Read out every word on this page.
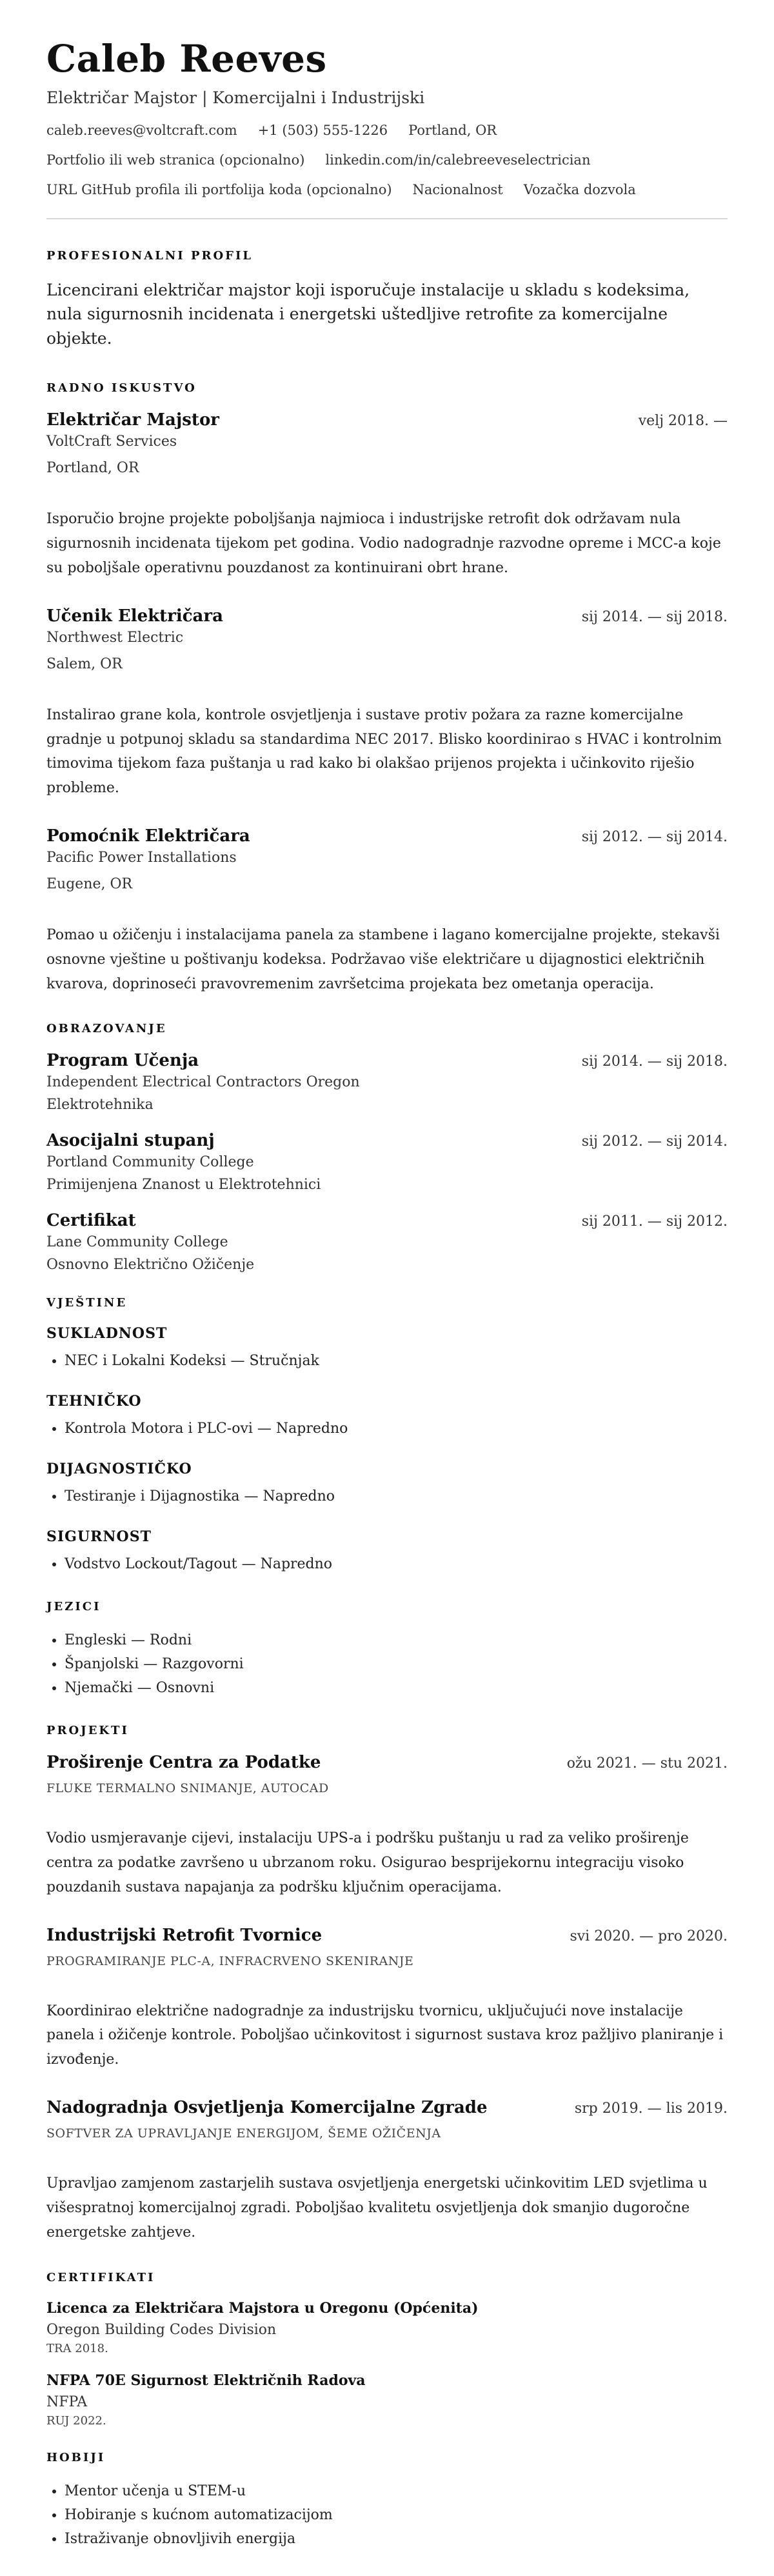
Caleb Reeves
Električar Majstor | Komercijalni i Industrijski
caleb.reeves@voltcraft.com +1 (503) 555-1226 Portland, OR
Portfolio ili web stranica (opcionalno) linkedin.com/in/calebreeveselectrician
URL GitHub profila ili portfolija koda (opcionalno) Nacionalnost Vozačka dozvola
PROFESIONALNI PROFIL
Licencirani električar majstor koji isporučuje instalacije u skladu s kodeksima, nula sigurnosnih incidenata i energetski uštedljive retrofite za komercijalne objekte.
RADNO ISKUSTVO
Električar Majstor	velj 2018. —
VoltCraft Services
Portland, OR
Isporučio brojne projekte poboljšanja najmioca i industrijske retrofit dok održavam nula sigurnosnih incidenata tijekom pet godina. Vodio nadogradnje razvodne opreme i MCC-a koje su poboljšale operativnu pouzdanost za kontinuirani obrt hrane.
Učenik Električara	sij 2014. — sij 2018.
Northwest Electric
Salem, OR
Instalirao grane kola, kontrole osvjetljenja i sustave protiv požara za razne komercijalne gradnje u potpunoj skladu sa standardima NEC 2017. Blisko koordinirao s HVAC i kontrolnim timovima tijekom faza puštanja u rad kako bi olakšao prijenos projekta i učinkovito riješio probleme.
Pomoćnik Električara	sij 2012. — sij 2014.
Pacific Power Installations
Eugene, OR
Pomao u ožičenju i instalacijama panela za stambene i lagano komercijalne projekte, stekavši osnovne vještine u poštivanju kodeksa. Podržavao više električare u dijagnostici električnih kvarova, doprinoseći pravovremenim završetcima projekata bez ometanja operacija.
OBRAZOVANJE
Program Učenja	sij 2014. — sij 2018.
Independent Electrical Contractors Oregon
Elektrotehnika
Asocijalni stupanj	sij 2012. — sij 2014.
Portland Community College
Primijenjena Znanost u Elektrotehnici
Certifikat	sij 2011. — sij 2012.
Lane Community College
Osnovno Električno Ožičenje
VJEŠTINE
SUKLADNOST
• NEC i Lokalni Kodeksi — Stručnjak
TEHNIČKO
• Kontrola Motora i PLC-ovi — Napredno
DIJAGNOSTIČKO
• Testiranje i Dijagnostika — Napredno
SIGURNOST
• Vodstvo Lockout/Tagout — Napredno
JEZICI
• Engleski — Rodni
• Španjolski — Razgovorni
• Njemački — Osnovni
PROJEKTI
Proširenje Centra za Podatke	ožu 2021. — stu 2021.
FLUKE TERMALNO SNIMANJE, AUTOCAD
Vodio usmjeravanje cijevi, instalaciju UPS-a i podršku puštanju u rad za veliko proširenje centra za podatke završeno u ubrzanom roku. Osigurao besprijekornu integraciju visoko pouzdanih sustava napajanja za podršku ključnim operacijama.
Industrijski Retrofit Tvornice	svi 2020. — pro 2020.
PROGRAMIRANJE PLC-A, INFRACRVENO SKENIRANJE
Koordinirao električne nadogradnje za industrijsku tvornicu, uključujući nove instalacije panela i ožičenje kontrole. Poboljšao učinkovitost i sigurnost sustava kroz pažljivo planiranje i izvođenje.
Nadogradnja Osvjetljenja Komercijalne Zgrade	srp 2019. — lis 2019.
SOFTVER ZA UPRAVLJANJE ENERGIJOM, ŠEME OŽIČENJA
Upravljao zamjenom zastarjelih sustava osvjetljenja energetski učinkovitim LED svjetlima u višespratnoj komercijalnoj zgradi. Poboljšao kvalitetu osvjetljenja dok smanjio dugoročne energetske zahtjeve.
CERTIFIKATI
Licenca za Električara Majstora u Oregonu (Općenita)
Oregon Building Codes Division
TRA 2018.
NFPA 70E Sigurnost Električnih Radova
NFPA
RUJ 2022.
HOBIJI
• Mentor učenja u STEM-u
• Hobiranje s kućnom automatizacijom
• Istraživanje obnovljivih energija
